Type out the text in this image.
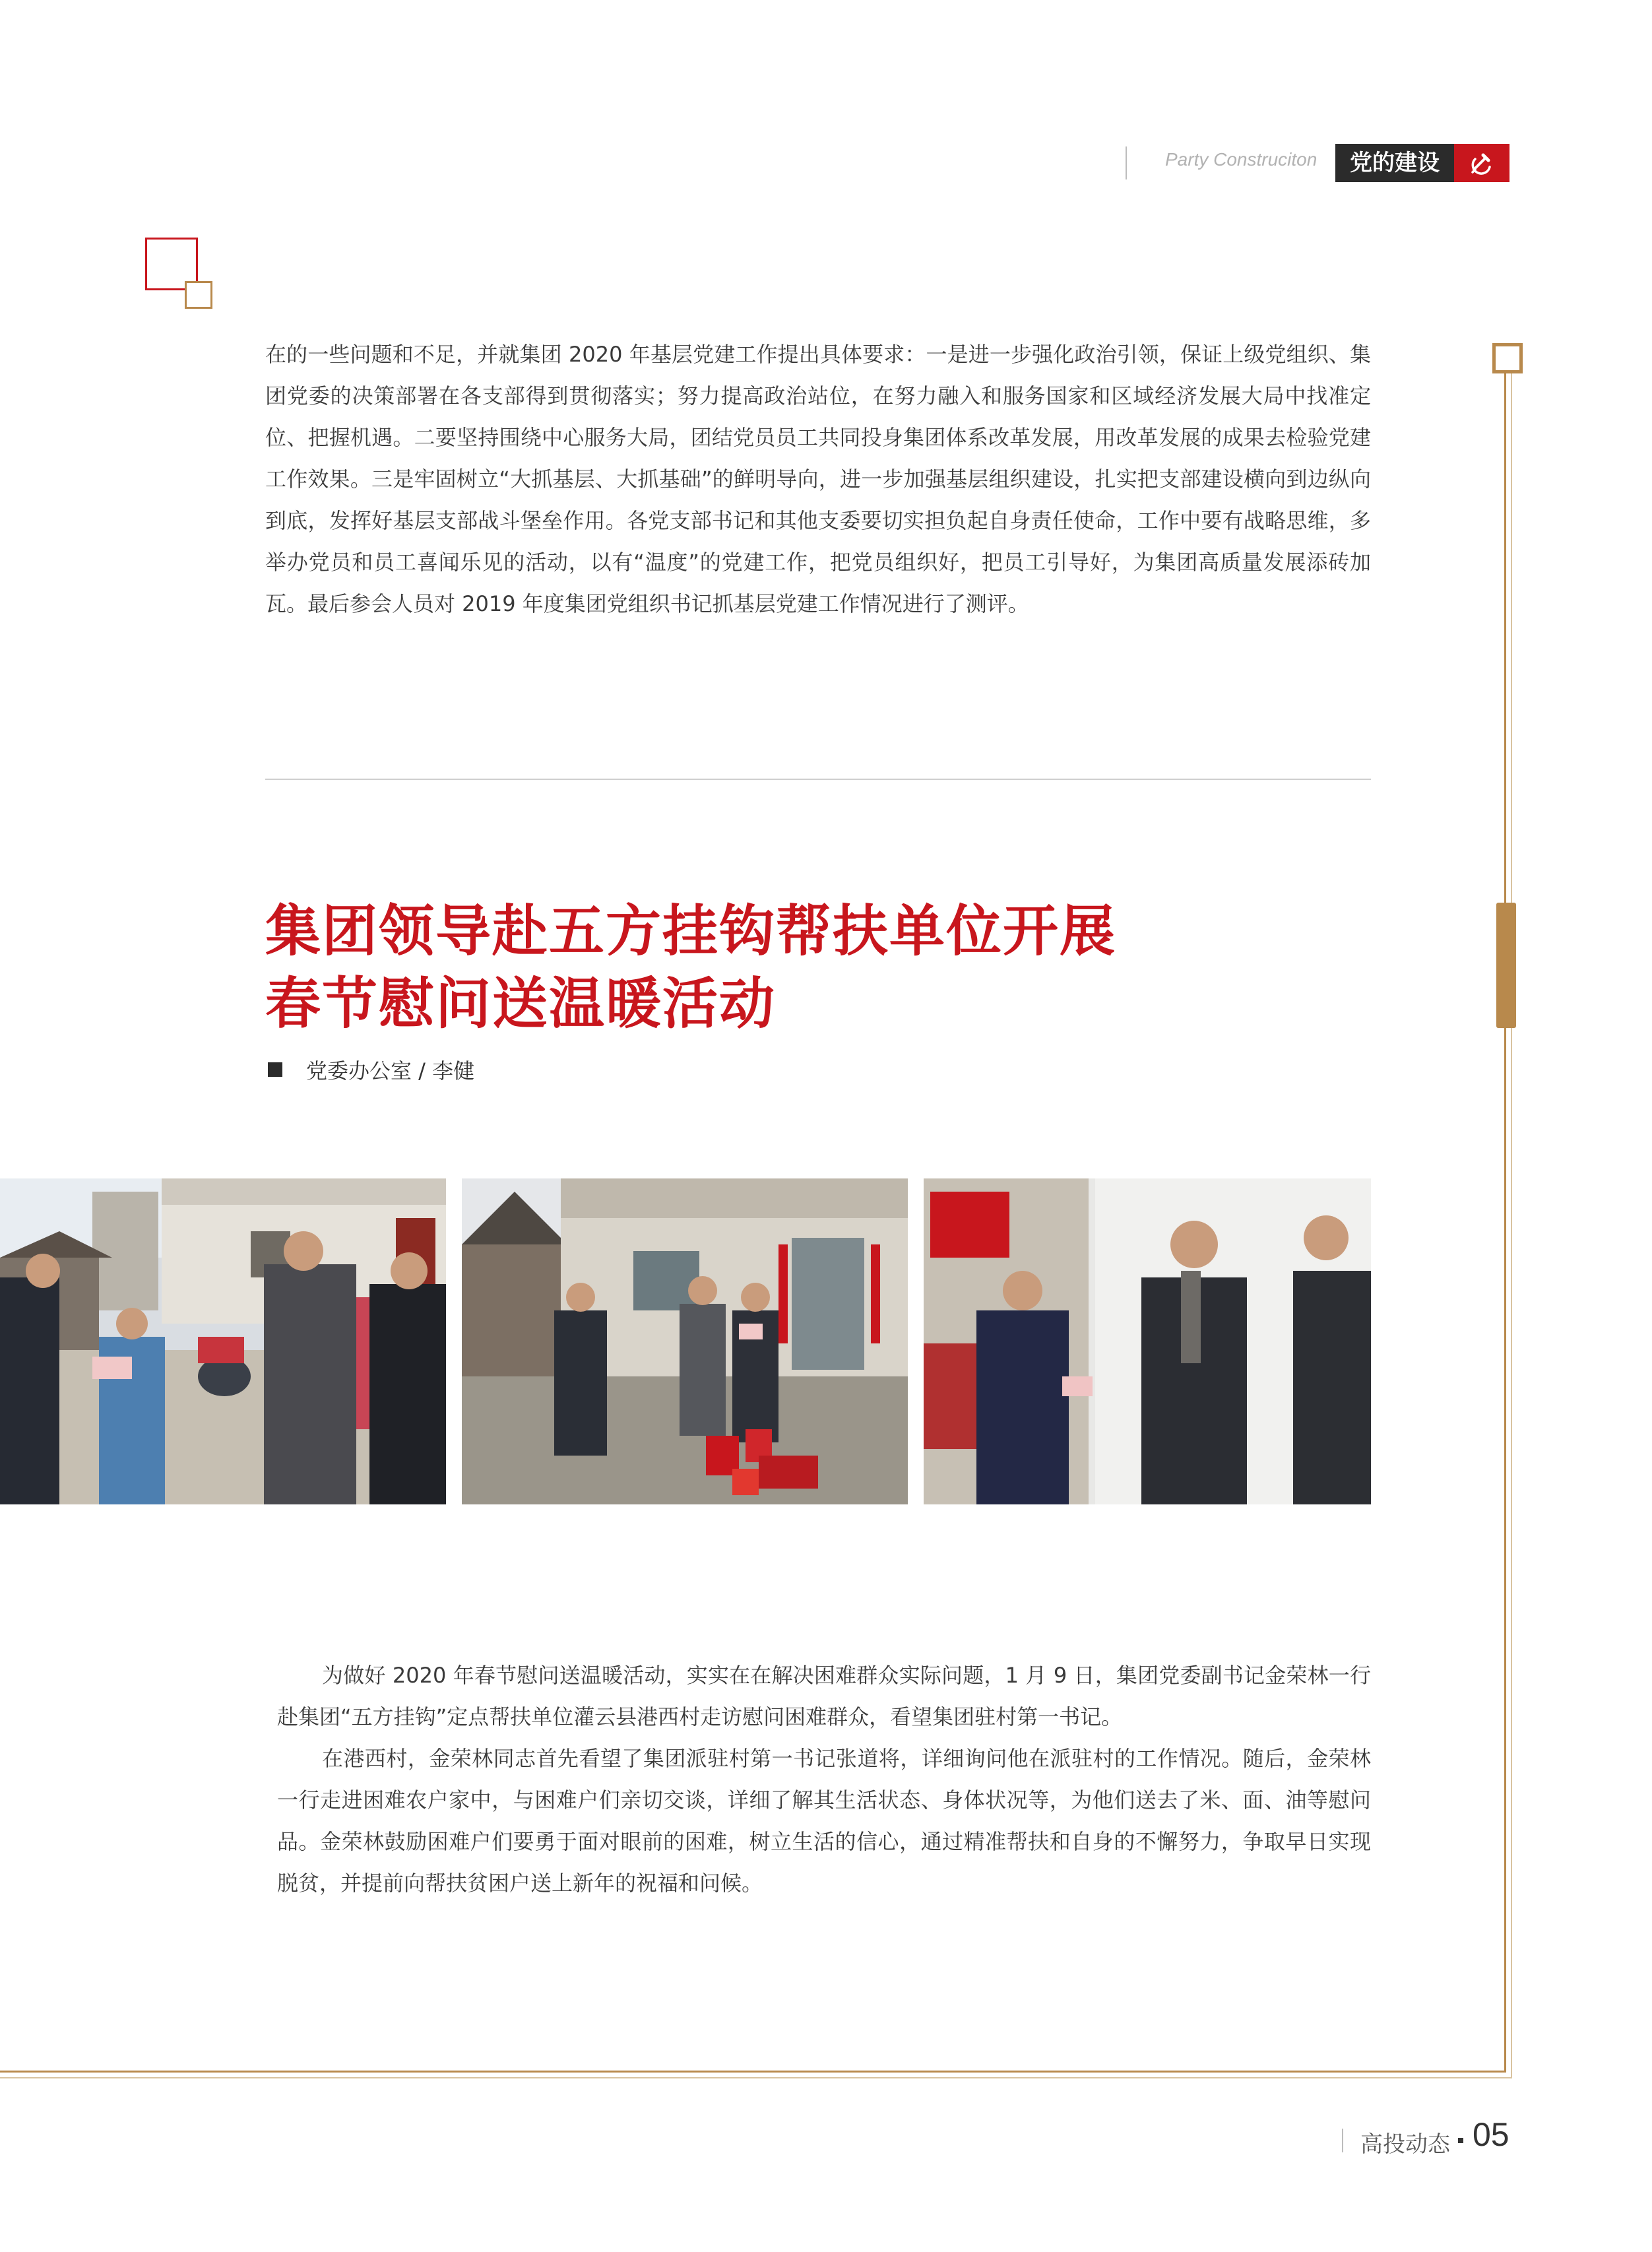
Party Construciton	党的建设

在的一些问题和不足，并就集团 2020 年基层党建工作提出具体要求：一是进一步强化政治引领，保证上级党组织、集团党委的决策部署在各支部得到贯彻落实；努力提高政治站位，在努力融入和服务国家和区域经济发展大局中找准定位、把握机遇。二要坚持围绕中心服务大局，团结党员员工共同投身集团体系改革发展，用改革发展的成果去检验党建工作效果。三是牢固树立“大抓基层、大抓基础”的鲜明导向，进一步加强基层组织建设，扎实把支部建设横向到边纵向到底，发挥好基层支部战斗堡垒作用。各党支部书记和其他支委要切实担负起自身责任使命，工作中要有战略思维，多举办党员和员工喜闻乐见的活动，以有“温度”的党建工作，把党员组织好，把员工引导好，为集团高质量发展添砖加瓦。最后参会人员对 2019 年度集团党组织书记抓基层党建工作情况进行了测评。

集团领导赴五方挂钩帮扶单位开展
春节慰问送温暖活动
党委办公室 / 李健

为做好 2020 年春节慰问送温暖活动，实实在在解决困难群众实际问题，1 月 9 日，集团党委副书记金荣林一行赴集团“五方挂钩”定点帮扶单位灌云县港西村走访慰问困难群众，看望集团驻村第一书记。

在港西村，金荣林同志首先看望了集团派驻村第一书记张道将，详细询问他在派驻村的工作情况。随后，金荣林一行走进困难农户家中，与困难户们亲切交谈，详细了解其生活状态、身体状况等，为他们送去了米、面、油等慰问品。金荣林鼓励困难户们要勇于面对眼前的困难，树立生活的信心，通过精准帮扶和自身的不懈努力，争取早日实现脱贫，并提前向帮扶贫困户送上新年的祝福和问候。

高投动态 05
